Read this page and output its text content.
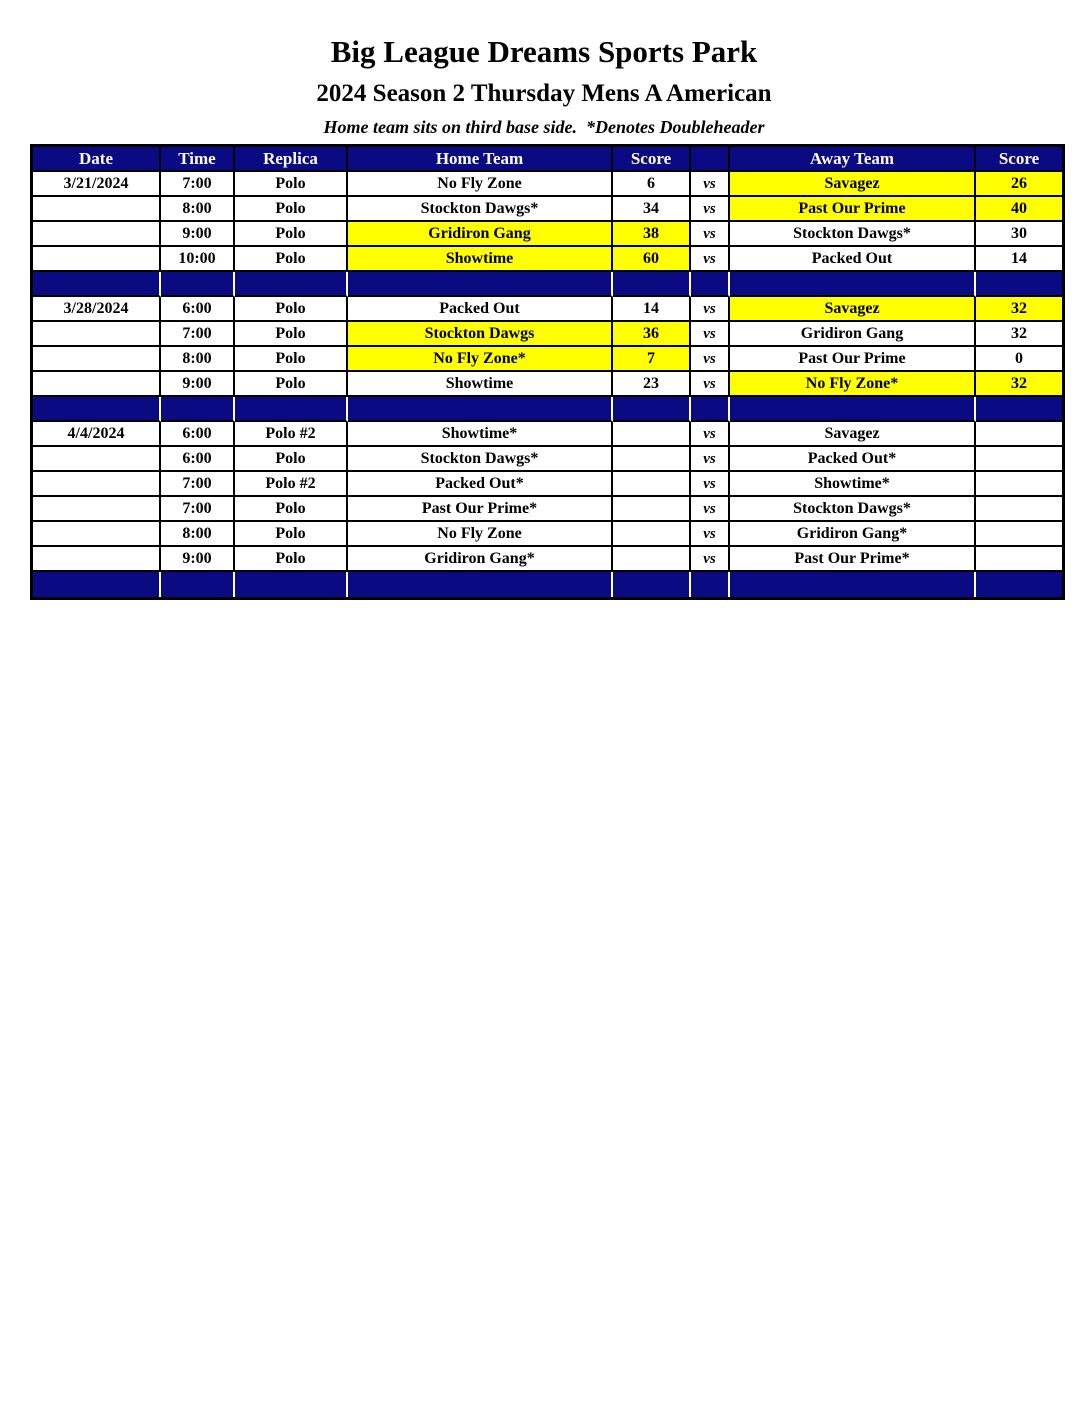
Big League Dreams Sports Park
2024 Season 2 Thursday Mens A American
Home team sits on third base side.  *Denotes Doubleheader
Date	Time	Replica	Home Team	Score		Away Team	Score
3/21/2024	7:00	Polo	No Fly Zone	6	vs	Savagez	26
	8:00	Polo	Stockton Dawgs*	34	vs	Past Our Prime	40
	9:00	Polo	Gridiron Gang	38	vs	Stockton Dawgs*	30
	10:00	Polo	Showtime	60	vs	Packed Out	14

3/28/2024	6:00	Polo	Packed Out	14	vs	Savagez	32
	7:00	Polo	Stockton Dawgs	36	vs	Gridiron Gang	32
	8:00	Polo	No Fly Zone*	7	vs	Past Our Prime	0
	9:00	Polo	Showtime	23	vs	No Fly Zone*	32

4/4/2024	6:00	Polo #2	Showtime*		vs	Savagez	
	6:00	Polo	Stockton Dawgs*		vs	Packed Out*	
	7:00	Polo #2	Packed Out*		vs	Showtime*	
	7:00	Polo	Past Our Prime*		vs	Stockton Dawgs*	
	8:00	Polo	No Fly Zone		vs	Gridiron Gang*	
	9:00	Polo	Gridiron Gang*		vs	Past Our Prime*	
